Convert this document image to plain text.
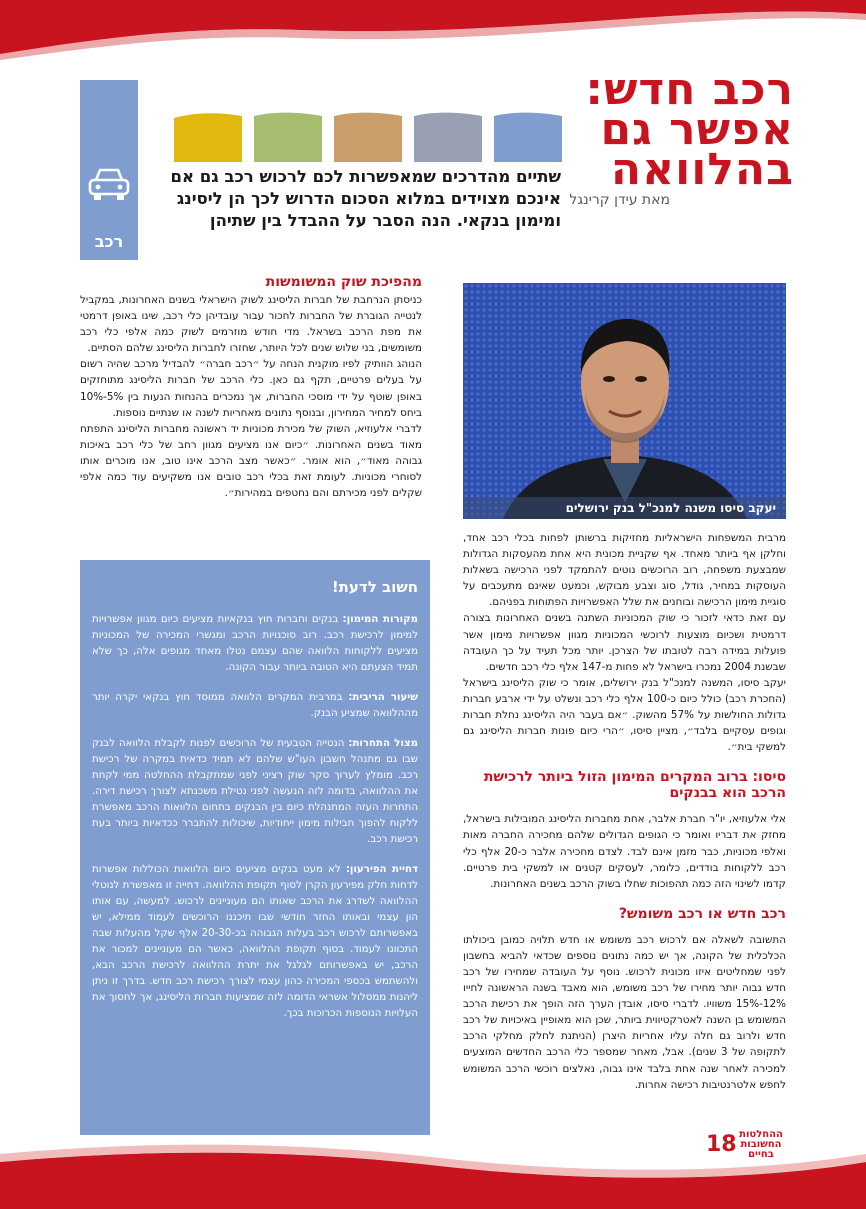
רכב חדש:
אפשר גם
בהלוואה
מאת עידן קרינגל
רכב
שתיים מהדרכים שמאפשרות לכם לרכוש רכב גם אם אינכם מצוידים במלוא הסכום הדרוש לכך הן ליסינג ומימון בנקאי. הנה הסבר על ההבדל בין שתיהן
מהפיכת שוק המשומשות

כניסתן הנרחבת של חברות הליסינג לשוק הישראלי בשנים האחרונות, במקביל לנטייה הגוברת של החברות לחכור עבור עובדיהן כלי רכב, שינו באופן דרמטי את מפת הרכב בשראל. מדי חודש מוזרמים לשוק כמה אלפי כלי רכב משומשים, בני שלוש שנים לכל היותר, שחזרו לחברות הליסינג שלהם הסתיים.

הנוהג הוותיק לפיו מוקנית הנחה על ״רכב חברה״ להבדיל מרכב שהיה רשום על בעלים פרטיים, תקף גם כאן. כלי הרכב של חברות הליסינג מתוחזקים באופן שוטף על ידי מוסכי החברות, אך נמכרים בהנחות הנעות בין 5%-10% ביחס למחיר המחירון, ובנוסף נתונים מאחריות לשנה או שנתיים נוספות.

לדברי אלעוזיא, השוק של מכירת מכוניות יד ראשונה מחברות הליסינג התפתח מאוד בשנים האחרונות. ״כיום אנו מציעים מגוון רחב של כלי רכב באיכות גבוהה מאוד״, הוא אומר. ״כאשר מצב הרכב אינו טוב, אנו מוכרים אותו לסוחרי מכוניות. לעומת זאת בכלי רכב טובים אנו משקיעים עוד כמה אלפי שקלים לפני מכירתם והם נחטפים במהירות״.

יעקב סיסו משנה למנכ"ל בנק ירושלים

מרבית המשפחות הישראליות מחזיקות ברשותן לפחות בכלי רכב אחד, וחלקן אף ביותר מאחד. אף שקניית מכונית היא אחת מהעסקות הגדולות שמבצעת משפחה, רוב הרוכשים נוטים להתמקד לפני הרכישה בשאלות העוסקות במחיר, גודל, סוג וצבע מבוקש, וכמעט שאינם מתעכבים על סוגיית מימון הרכישה ובוחנים את שלל האפשרויות הפתוחות בפניהם.

עם זאת כדאי לזכור כי שוק המכוניות השתנה בשנים האחרונות בצורה דרמטית ושכיום מוצעות לרוכשי המכוניות מגוון אפשרויות מימון אשר פועלות במידה רבה לטובתו של הצרכן. יותר מכל תעיד על כך העובדה שבשנת 2004 נמכרו בישראל לא פחות מ-147 אלף כלי רכב חדשים.

יעקב סיסו, המשנה למנכ"ל בנק ירושלים, אומר כי שוק הליסינג בישראל (החכרת רכב) כולל כיום כ-100 אלף כלי רכב ונשלט על ידי ארבע חברות גדולות החולשות על 57% מהשוק. ״אם בעבר היה הליסינג נחלת חברות וגופים עסקיים בלבד״, מציין סיסו, ״הרי כיום פונות חברות הליסינג גם למשקי בית״.

סיסו: ברוב המקרים המימון הזול ביותר לרכישת הרכב הוא בבנקים

אלי אלעוזיא, יו"ר חברת אלבר, אחת מחברות הליסינג המובילות בישראל, מחזק את דבריו ואומר כי הגופים הגדולים שלהם מחכירה החברה מאות ואלפי מכוניות, כבר מזמן אינם לבד. לצדם מחכירה אלבר כ-20 אלף כלי רכב ללקוחות בודדים, כלומר, לעסקים קטנים או למשקי בית פרטיים. קדמו לשינוי הזה כמה תהפוכות שחלו בשוק הרכב בשנים האחרונות.

רכב חדש או רכב משומש?

התשובה לשאלה אם לרכוש רכב משומש או חדש תלויה כמובן ביכולתו הכלכלית של הקונה, אך יש כמה נתונים נוספים שכדאי להביא בחשבון לפני שמחליטים איזו מכונית לרכוש. נוסף על העובדה שמחירו של רכב חדש גבוה יותר מחירו של רכב משומש, הוא מאבד בשנה הראשונה לחייו 12%-15% משוויו. לדברי סיסו, אובדן הערך הזה הופך את רכישת הרכב המשומש בן השנה לאטרקטיווית ביותר, שכן הוא מאופיין באיכויות של רכב חדש ולרוב גם חלה עליו אחריות היצרן (הניתנת לחלק מחלקי הרכב לתקופה של 3 שנים). אבל, מאחר שמספר כלי הרכב החדשים המוצעים למכירה לאחר שנה אחת בלבד אינו גבוה, נאלצים רוכשי הרכב המשומש לחפש אלטרנטיבות רכישה אחרות.

חשוב לדעת!

מקורות המימון: בנקים וחברות חוץ בנקאיות מציעים כיום מגוון אפשרויות למימון לרכישת רכב. רוב סוכנויות הרכב ומגשרי המכירה של המכוניות מציעים ללקוחות הלוואה שהם עצמם נטלו מאחד מגופים אלה, כך שלא תמיד הצעתם היא הטובה ביותר עבור הקונה.

שיעור הריבית: במרבית המקרים הלוואה ממוסד חוץ בנקאי יקרה יותר מההלוואה שמציע הבנק.

מצול התחרות: הנטייה הטבעית של הרוכשים לפנות לקבלת הלוואה לבנק שבו גם מתנהל חשבון העו"ש שלהם לא תמיד כדאית במקרה של רכישת רכב. מומלץ לערוך סקר שוק רציני לפני שמתקבלת ההחלטה ממי לקחת את ההלוואה, בדומה לזה הנעשה לפני נטילת משכנתא לצורך רכישת דירה. התחרות העזה המתנהלת כיום בין הבנקים בתחום הלוואות הרכב מאפשרת ללקוח להפוך חבילות מימון ייחודיות, שיכולות להתברר ככדאיות ביותר בעת רכישת רכב.

דחיית הפירעון: לא מעט בנקים מציעים כיום הלוואות הכוללות אפשרות לדחות חלק מפירעון הקרן לסוף תקופת ההלוואה. דחייה זו מאפשרת לנוטלי ההלוואה לשדרג את הרכב שאותו הם מעוניינים לרכוש. למעשה, עם אותו הון עצמי ובאותו החזר חודשי שבו תיכננו הרוכשים לעמוד ממילא, יש באפשרותם לרכוש רכב בעלות הגבוהה בכ-20-30 אלף שקל מהעלות שבה התכוונו לעמוד. בסוף תקופת ההלוואה, כאשר הם מעוניינים למכור את הרכב, יש באפשרותם לגלגל את יתרת ההלוואה לרכישת הרכב הבא, ולהשתמש בכספי המכירה כהון עצמי לצורך רכישת רכב חדש. בדרך זו ניתן ליהנות ממסלול אשראי הדומה לזה שמציעות חברות הליסינג, אך לחסוך את העלויות הנוספות הכרוכות בכך.

18 ההחלטות
החשובות
בחיים
